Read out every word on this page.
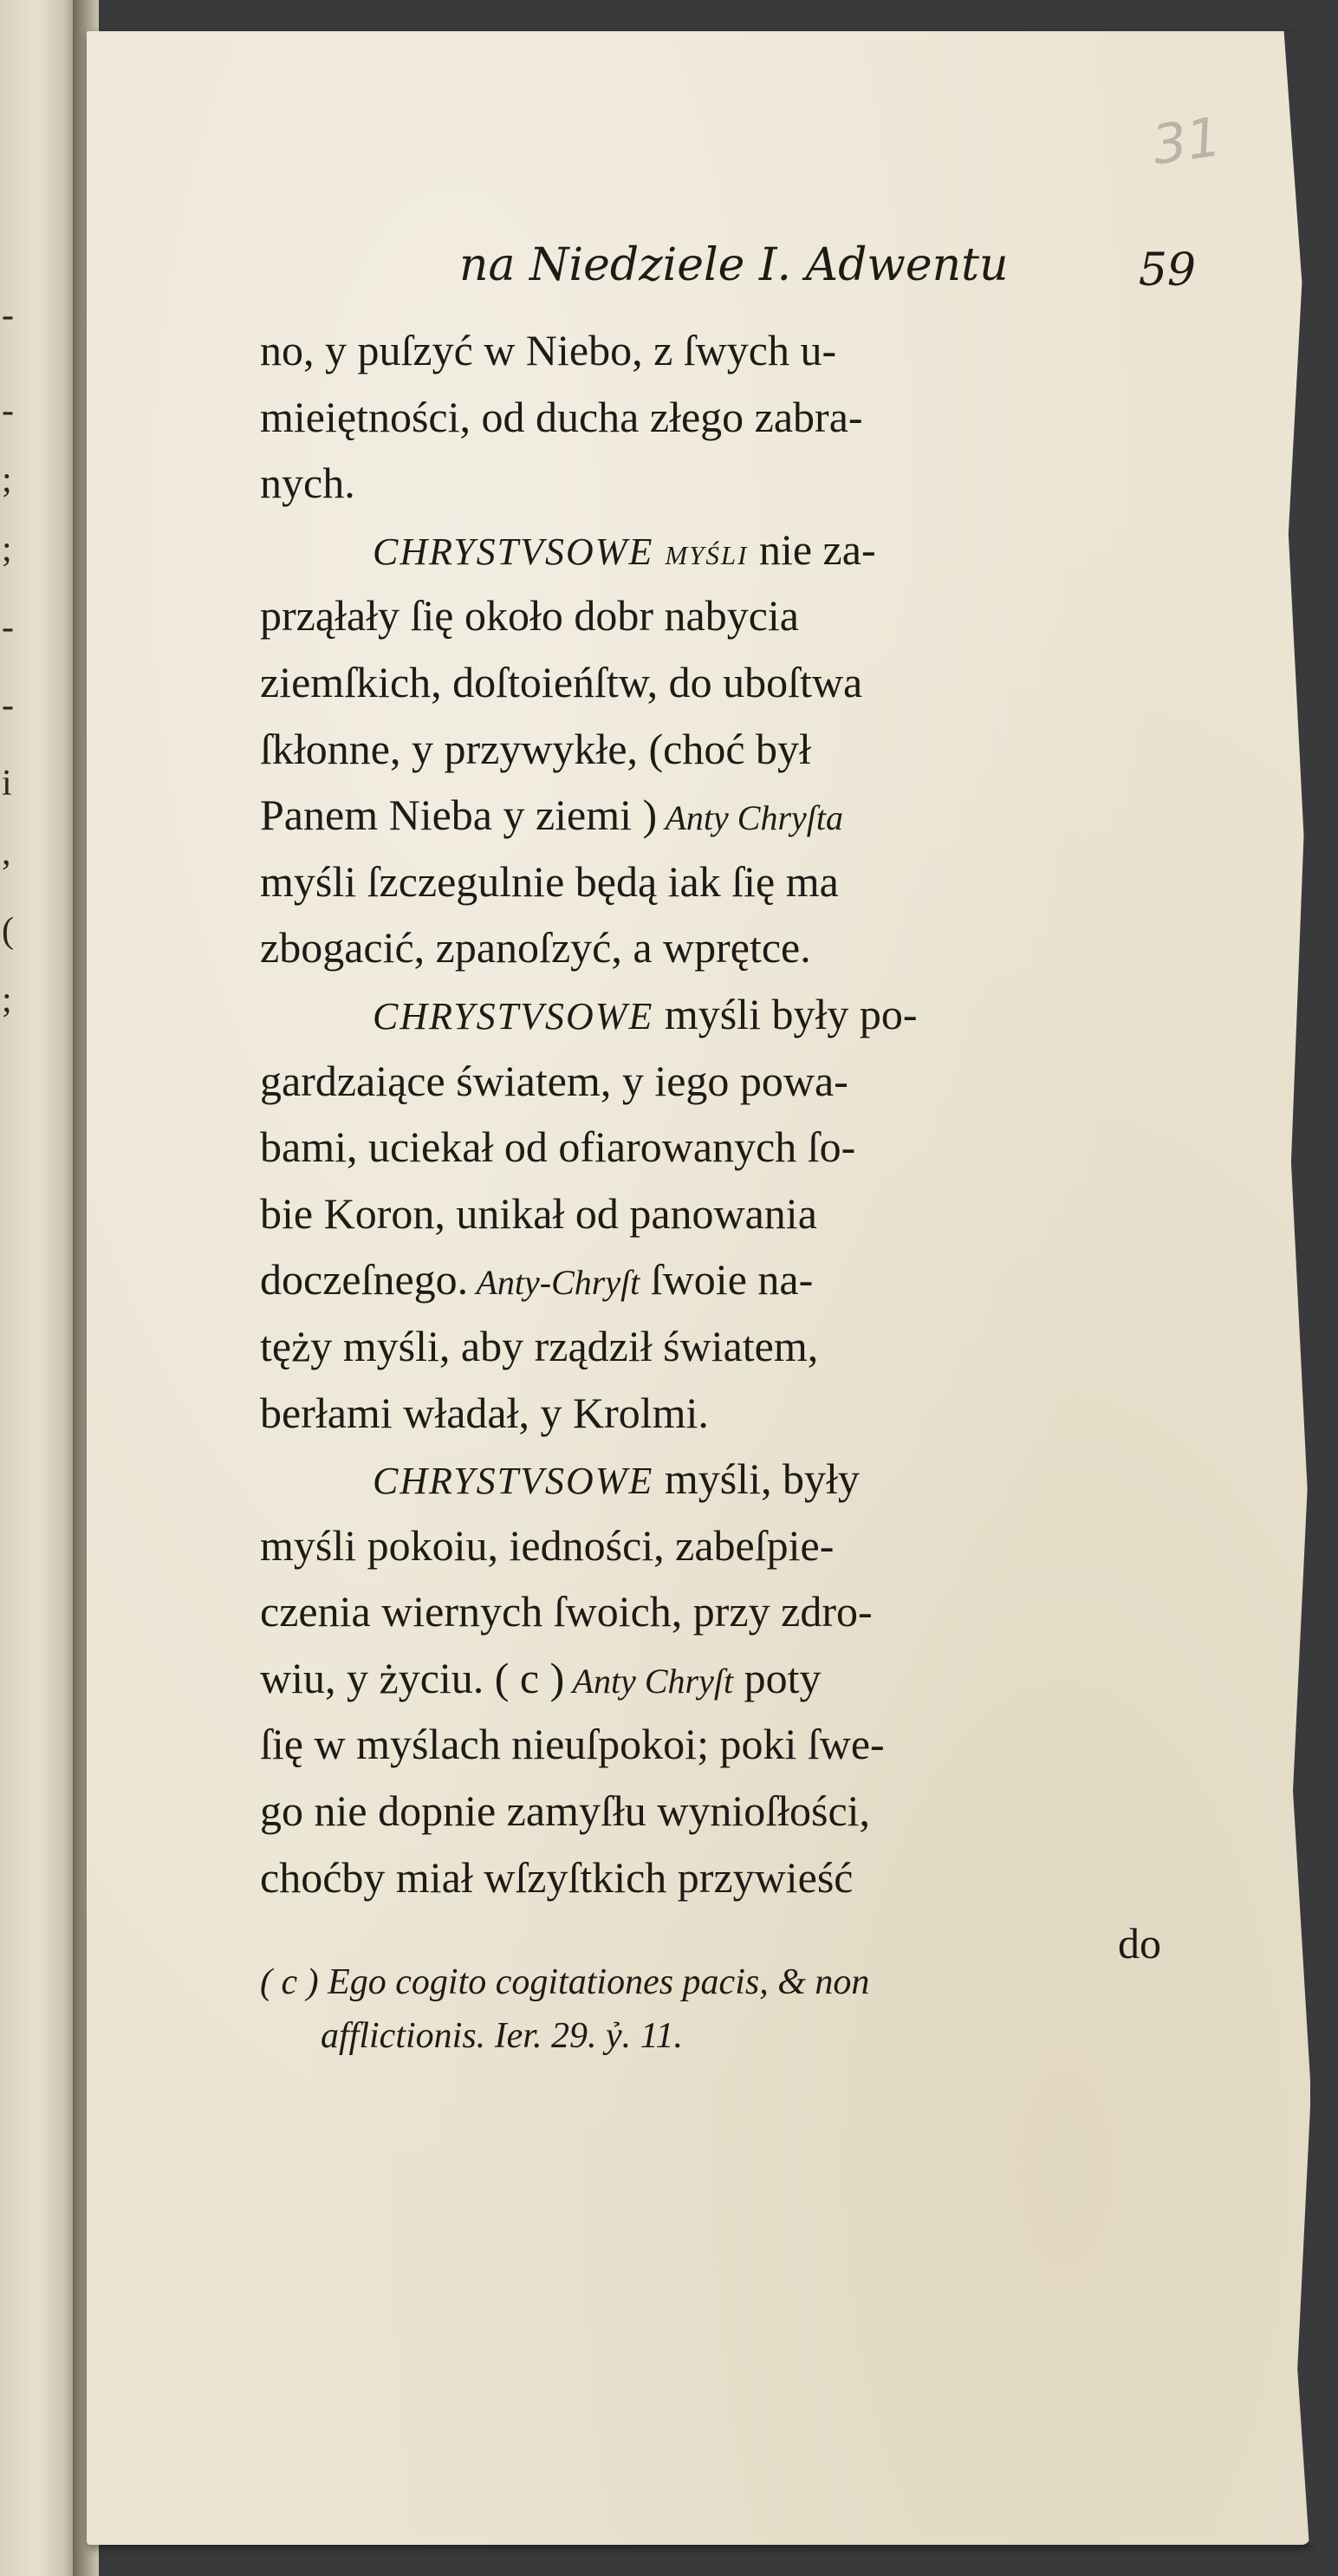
-
-
;
;
-
-
i
,
(
;
31
na Niedziele I. Adwentu	59
no, y puſzyć w Niebo, z ſwych u-
mieiętności, od ducha złego zabra-
nych.
CHRYSTVSOWE myśli nie za-
prząłały ſię około dobr nabycia
ziemſkich, doſtoieńſtw, do uboſtwa
ſkłonne, y przywykłe, (choć był
Panem Nieba y ziemi ) Anty Chryſta
myśli ſzczegulnie będą iak ſię ma
zbogacić, zpanoſzyć, a wprętce.
CHRYSTVSOWE myśli były po-
gardzaiące światem, y iego powa-
bami, uciekał od ofiarowanych ſo-
bie Koron, unikał od panowania
doczeſnego. Anty-Chryſt ſwoie na-
tęży myśli, aby rządził światem,
berłami władał, y Krolmi.
CHRYSTVSOWE myśli, były
myśli pokoiu, iedności, zabeſpie-
czenia wiernych ſwoich, przy zdro-
wiu, y życiu. ( c ) Anty Chryſt poty
ſię w myślach nieuſpokoi; poki ſwe-
go nie dopnie zamyſłu wynioſłości,
choćby miał wſzyſtkich przywieść
do
( c ) Ego cogito cogitationes pacis, & non
afflictionis. Ier. 29. ỷ. 11.
